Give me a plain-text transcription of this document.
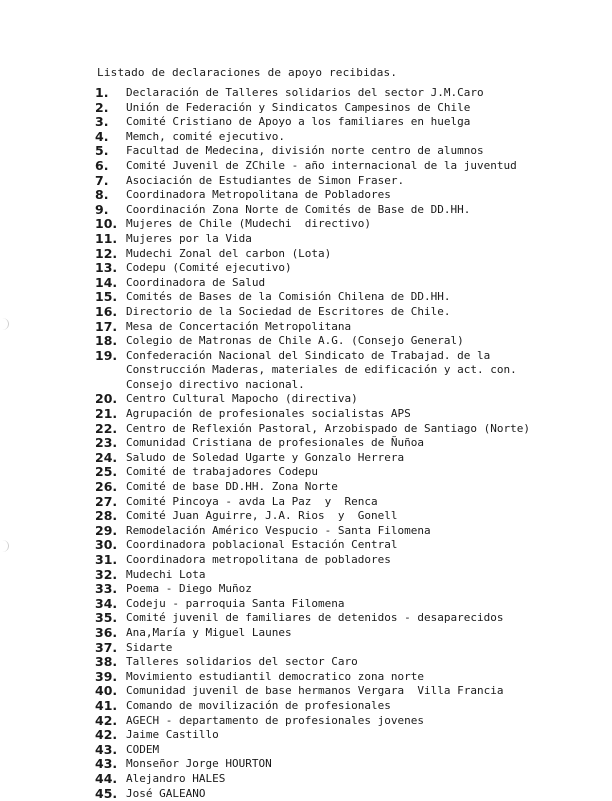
Listado de declaraciones de apoyo recibidas.
1.	Declaración de Talleres solidarios del sector J.M.Caro
2.	Unión de Federación y Sindicatos Campesinos de Chile
3.	Comité Cristiano de Apoyo a los familiares en huelga
4.	Memch, comité ejecutivo.
5.	Facultad de Medecina, división norte centro de alumnos
6.	Comité Juvenil de ZChile - año internacional de la juventud
7.	Asociación de Estudiantes de Simon Fraser.
8.	Coordinadora Metropolitana de Pobladores
9.	Coordinación Zona Norte de Comités de Base de DD.HH.
10. Mujeres de Chile (Mudechi  directivo)
11. Mujeres por la Vida
12. Mudechi Zonal del carbon (Lota)
13. Codepu (Comité ejecutivo)
14. Coordinadora de Salud
15. Comités de Bases de la Comisión Chilena de DD.HH.
16. Directorio de la Sociedad de Escritores de Chile.
17. Mesa de Concertación Metropolitana
18. Colegio de Matronas de Chile A.G. (Consejo General)
19. Confederación Nacional del Sindicato de Trabajad. de la
Construcción Maderas, materiales de edificación y act. con.
Consejo directivo nacional.
20. Centro Cultural Mapocho (directiva)
21. Agrupación de profesionales socialistas APS
22. Centro de Reflexión Pastoral, Arzobispado de Santiago (Norte)
23. Comunidad Cristiana de profesionales de Ñuñoa
24. Saludo de Soledad Ugarte y Gonzalo Herrera
25. Comité de trabajadores Codepu
26. Comité de base DD.HH. Zona Norte
27. Comité Pincoya - avda La Paz  y  Renca
28. Comité Juan Aguirre, J.A. Rios  y  Gonell
29. Remodelación Américo Vespucio - Santa Filomena
30. Coordinadora poblacional Estación Central
31. Coordinadora metropolitana de pobladores
32. Mudechi Lota
33. Poema - Diego Muñoz
34. Codeju - parroquia Santa Filomena
35. Comité juvenil de familiares de detenidos - desaparecidos
36. Ana,María y Miguel Launes
37. Sidarte
38. Talleres solidarios del sector Caro
39. Movimiento estudiantil democratico zona norte
40. Comunidad juvenil de base hermanos Vergara  Villa Francia
41. Comando de movilización de profesionales
42. AGECH - departamento de profesionales jovenes
42. Jaime Castillo
43. CODEM
43. Monseñor Jorge HOURTON
44. Alejandro HALES
45. José GALEANO
